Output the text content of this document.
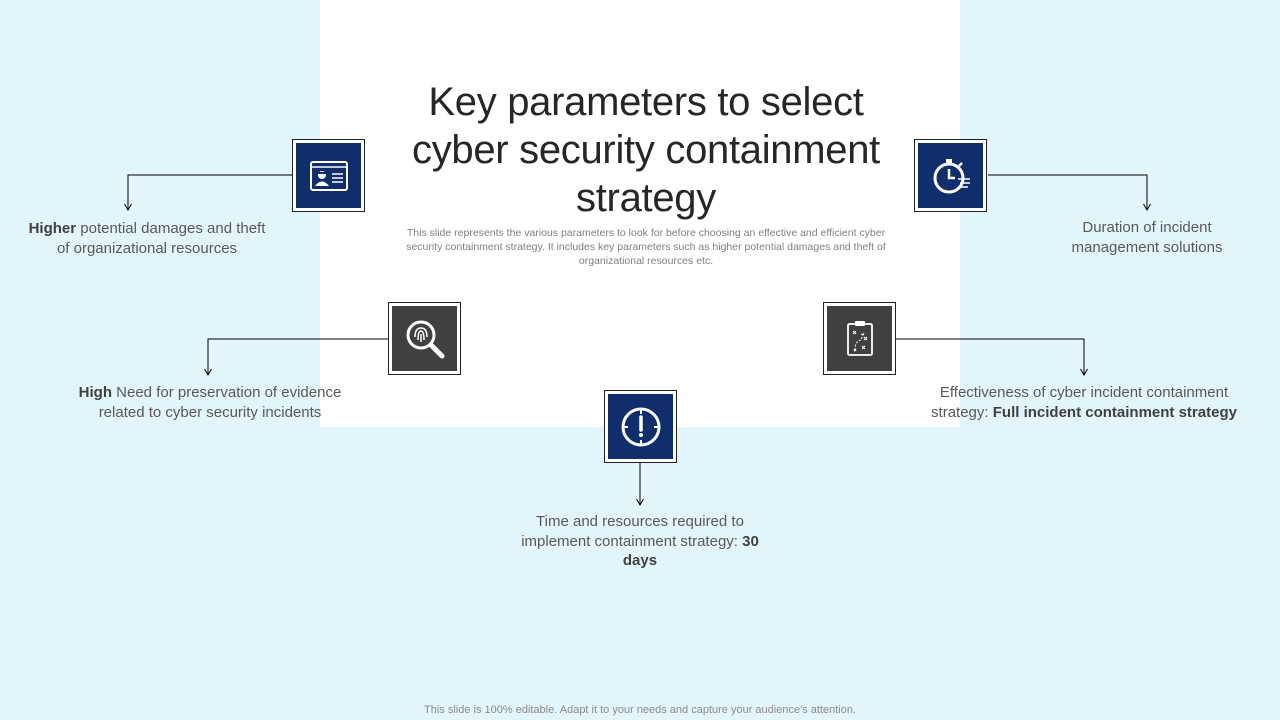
Key parameters to select cyber security containment strategy
This slide represents the various parameters to look for before choosing an effective and efficient cyber security containment strategy. It includes key parameters such as higher potential damages and theft of organizational resources etc.
Higher potential damages and theft of organizational resources
High Need for preservation of evidence related to cyber security incidents
Time and resources required to implement containment strategy: 30 days
Effectiveness of cyber incident containment strategy: Full incident containment strategy
Duration of incident management solutions
This slide is 100% editable. Adapt it to your needs and capture your audience's attention.
